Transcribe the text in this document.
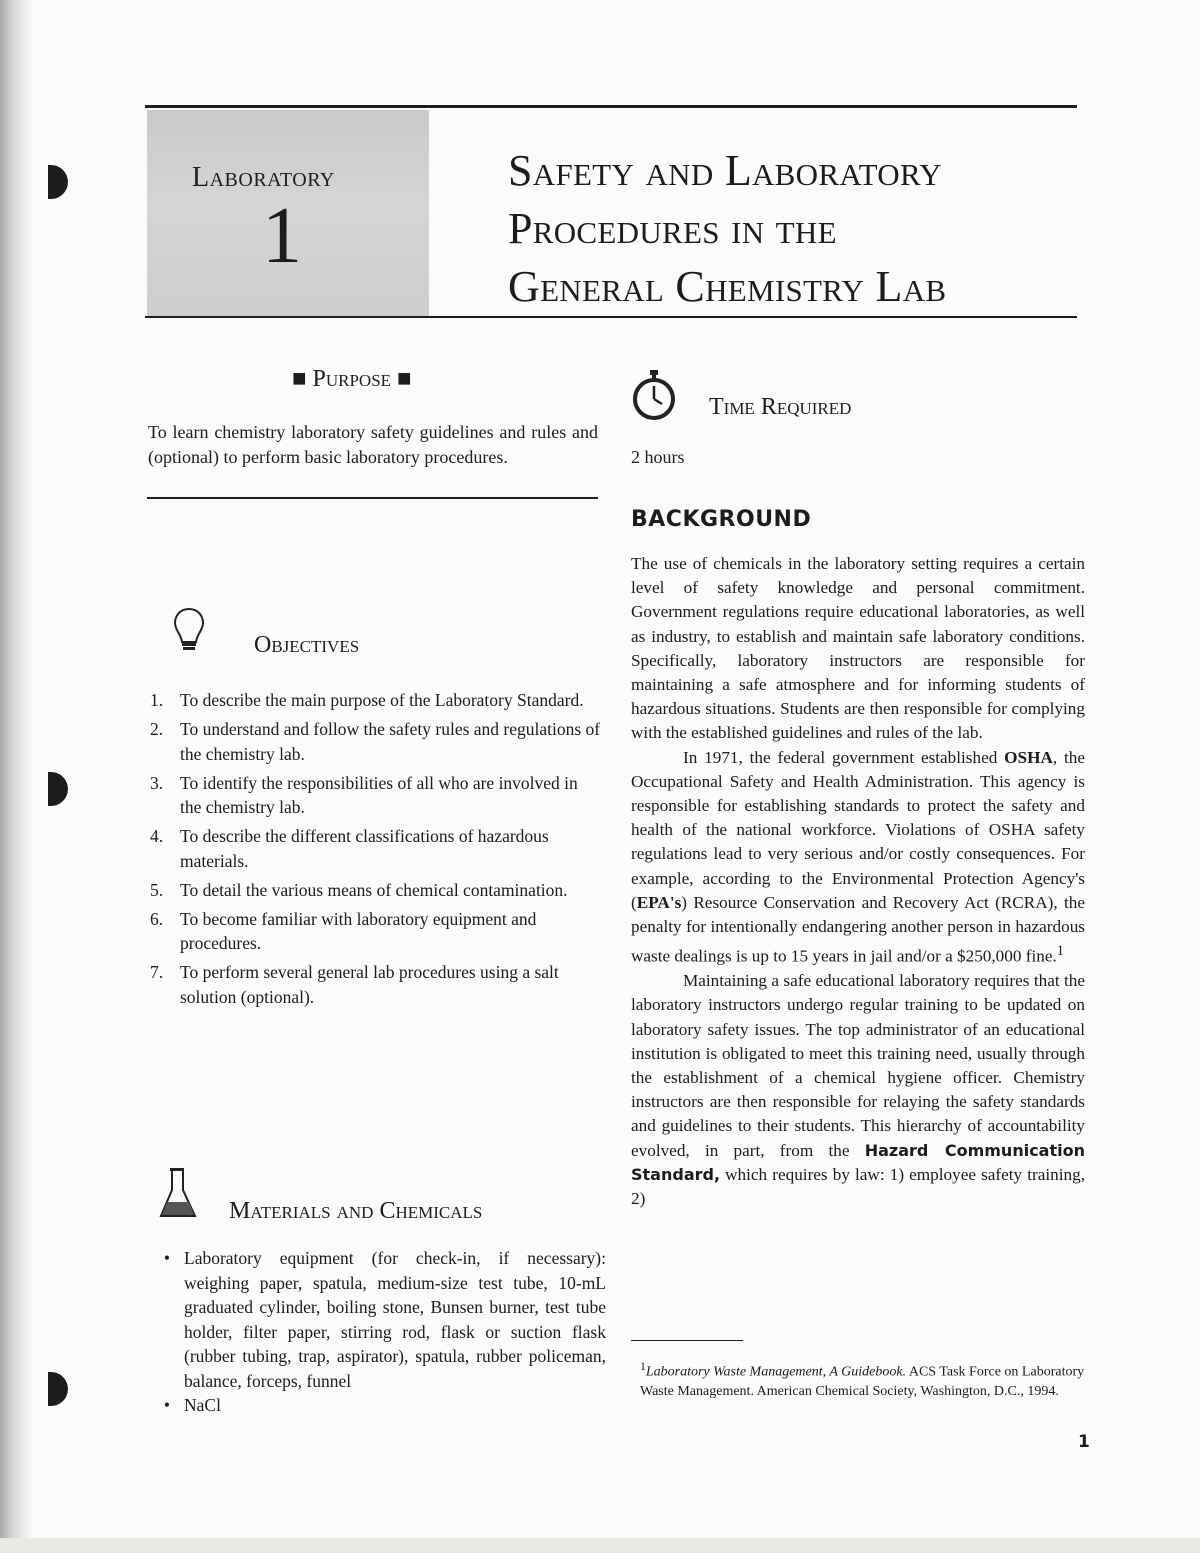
Laboratory
1
Safety and Laboratory
Procedures in the
General Chemistry Lab
■ Purpose ■
To learn chemistry laboratory safety guidelines and rules and (optional) to perform basic laboratory procedures.
Time Required
2 hours
BACKGROUND

The use of chemicals in the laboratory setting requires a certain level of safety knowledge and personal commitment. Government regulations require educational laboratories, as well as industry, to establish and maintain safe laboratory conditions. Specifically, laboratory instructors are responsible for maintaining a safe atmosphere and for informing students of hazardous situations. Students are then responsible for complying with the established guidelines and rules of the lab.

In 1971, the federal government established OSHA, the Occupational Safety and Health Administration. This agency is responsible for establishing standards to protect the safety and health of the national workforce. Violations of OSHA safety regulations lead to very serious and/or costly consequences. For example, according to the Environmental Protection Agency's (EPA's) Resource Conservation and Recovery Act (RCRA), the penalty for intentionally endangering another person in hazardous waste dealings is up to 15 years in jail and/or a $250,000 fine.$^1$

Maintaining a safe educational laboratory requires that the laboratory instructors undergo regular training to be updated on laboratory safety issues. The top administrator of an educational institution is obligated to meet this training need, usually through the establishment of a chemical hygiene officer. Chemistry instructors are then responsible for relaying the safety standards and guidelines to their students. This hierarchy of accountability evolved, in part, from the Hazard Communication Standard, which requires by law: 1) employee safety training, 2)

Objectives
1. To describe the main purpose of the Laboratory Standard.
2. To understand and follow the safety rules and regulations of the chemistry lab.
3. To identify the responsibilities of all who are involved in the chemistry lab.
4. To describe the different classifications of hazardous materials.
5. To detail the various means of chemical contamination.
6. To become familiar with laboratory equipment and procedures.
7. To perform several general lab procedures using a salt solution (optional).
Materials and Chemicals
• Laboratory equipment (for check-in, if necessary): weighing paper, spatula, medium-size test tube, 10-mL graduated cylinder, boiling stone, Bunsen burner, test tube holder, filter paper, stirring rod, flask or suction flask (rubber tubing, trap, aspirator), spatula, rubber policeman, balance, forceps, funnel
• NaCl
$^1$Laboratory Waste Management, A Guidebook. ACS Task Force on Laboratory Waste Management. American Chemical Society, Washington, D.C., 1994.
1
